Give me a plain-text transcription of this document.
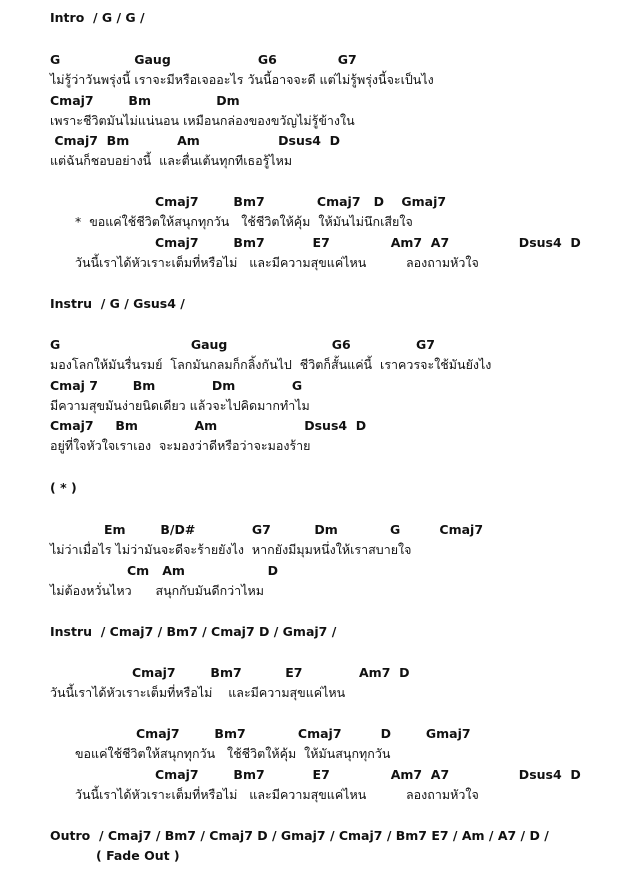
Intro  / G / G /

G                 Gaug                    G6              G7

ไม่รู้ว่าวันพรุ่งนี้ เราจะมีหรือเจออะไร วันนี้อาจจะดี แต่ไม่รู้พรุ่งนี้จะเป็นไง

Cmaj7        Bm               Dm

เพราะชีวิตมันไม่แน่นอน เหมือนกล่องของขวัญไม่รู้ข้างใน

Cmaj7  Bm           Am                  Dsus4  D

แต่ฉันก็ชอบอย่างนี้  และตื่นเต้นทุกทีเธอรู้ไหม

Cmaj7        Bm7            Cmaj7   D    Gmaj7

*  ขอแค่ใช้ชีวิตให้สนุกทุกวัน   ใช้ชีวิตให้คุ้ม  ให้มันไม่นึกเสียใจ

Cmaj7        Bm7           E7              Am7  A7                Dsus4  D

วันนี้เราได้หัวเราะเต็มที่หรือไม่   และมีความสุขแค่ไหน          ลองถามหัวใจ

Instru  / G / Gsus4 /

G                              Gaug                        G6               G7

มองโลกให้มันรื่นรมย์  โลกมันกลมก็กลิ้งกันไป  ชีวิตก็สั้นแค่นี้  เราควรจะใช้มันยังไง

Cmaj 7        Bm             Dm             G

มีความสุขมันง่ายนิดเดียว แล้วจะไปคิดมากทำไม

Cmaj7     Bm             Am                    Dsus4  D

อยู่ที่ใจหัวใจเราเอง  จะมองว่าดีหรือว่าจะมองร้าย

( * )

Em        B/D#             G7          Dm            G         Cmaj7

ไม่ว่าเมื่อไร ไม่ว่ามันจะดีจะร้ายยังไง  หากยังมีมุมหนึ่งให้เราสบายใจ

Cm   Am                   D

ไม่ต้องหวั่นไหว      สนุกกับมันดีกว่าไหม

Instru  / Cmaj7 / Bm7 / Cmaj7 D / Gmaj7 /

Cmaj7        Bm7          E7             Am7  D

วันนี้เราได้หัวเราะเต็มที่หรือไม่    และมีความสุขแค่ไหน

Cmaj7        Bm7            Cmaj7         D        Gmaj7

ขอแค่ใช้ชีวิตให้สนุกทุกวัน   ใช้ชีวิตให้คุ้ม  ให้มันสนุกทุกวัน

Cmaj7        Bm7           E7              Am7  A7                Dsus4  D

วันนี้เราได้หัวเราะเต็มที่หรือไม่   และมีความสุขแค่ไหน          ลองถามหัวใจ

Outro  / Cmaj7 / Bm7 / Cmaj7 D / Gmaj7 / Cmaj7 / Bm7 E7 / Am / A7 / D /

( Fade Out )
